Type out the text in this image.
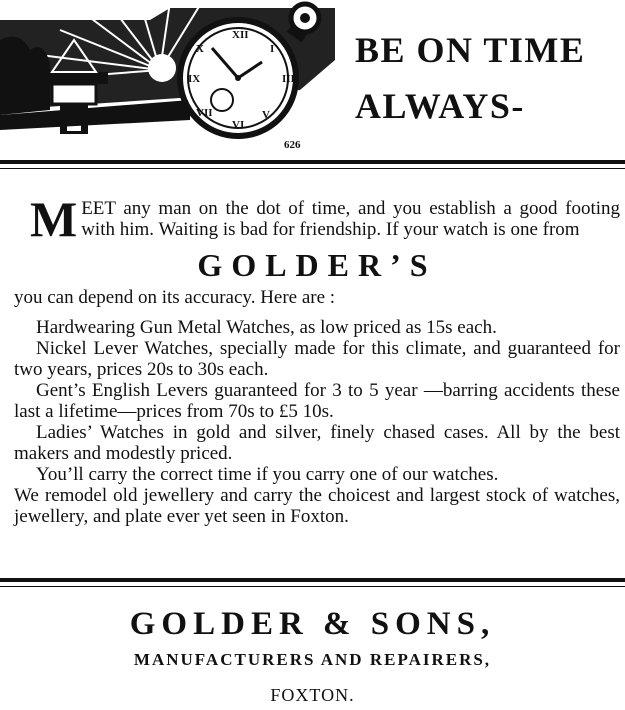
XII
I
III
V
VI
VII
IX
X
626
BE ON TIME
ALWAYS-
MEET any man on the dot of time, and you establish a good footing with him. Waiting is bad for friendship. If your watch is one from
GOLDER’S

you can depend on its accuracy. Here are :

Hardwearing Gun Metal Watches, as low priced as 15s each.

Nickel Lever Watches, specially made for this climate, and guaranteed for two years, prices 20s to 30s each.

Gent’s English Levers guaranteed for 3 to 5 year —barring accidents these last a lifetime—prices from 70s to £5 10s.

Ladies’ Watches in gold and silver, finely chased cases. All by the best makers and modestly priced.

You’ll carry the correct time if you carry one of our watches.

We remodel old jewellery and carry the choicest and largest stock of watches, jewellery, and plate ever yet seen in Foxton.

GOLDER & SONS,
MANUFACTURERS AND REPAIRERS,
FOXTON.
